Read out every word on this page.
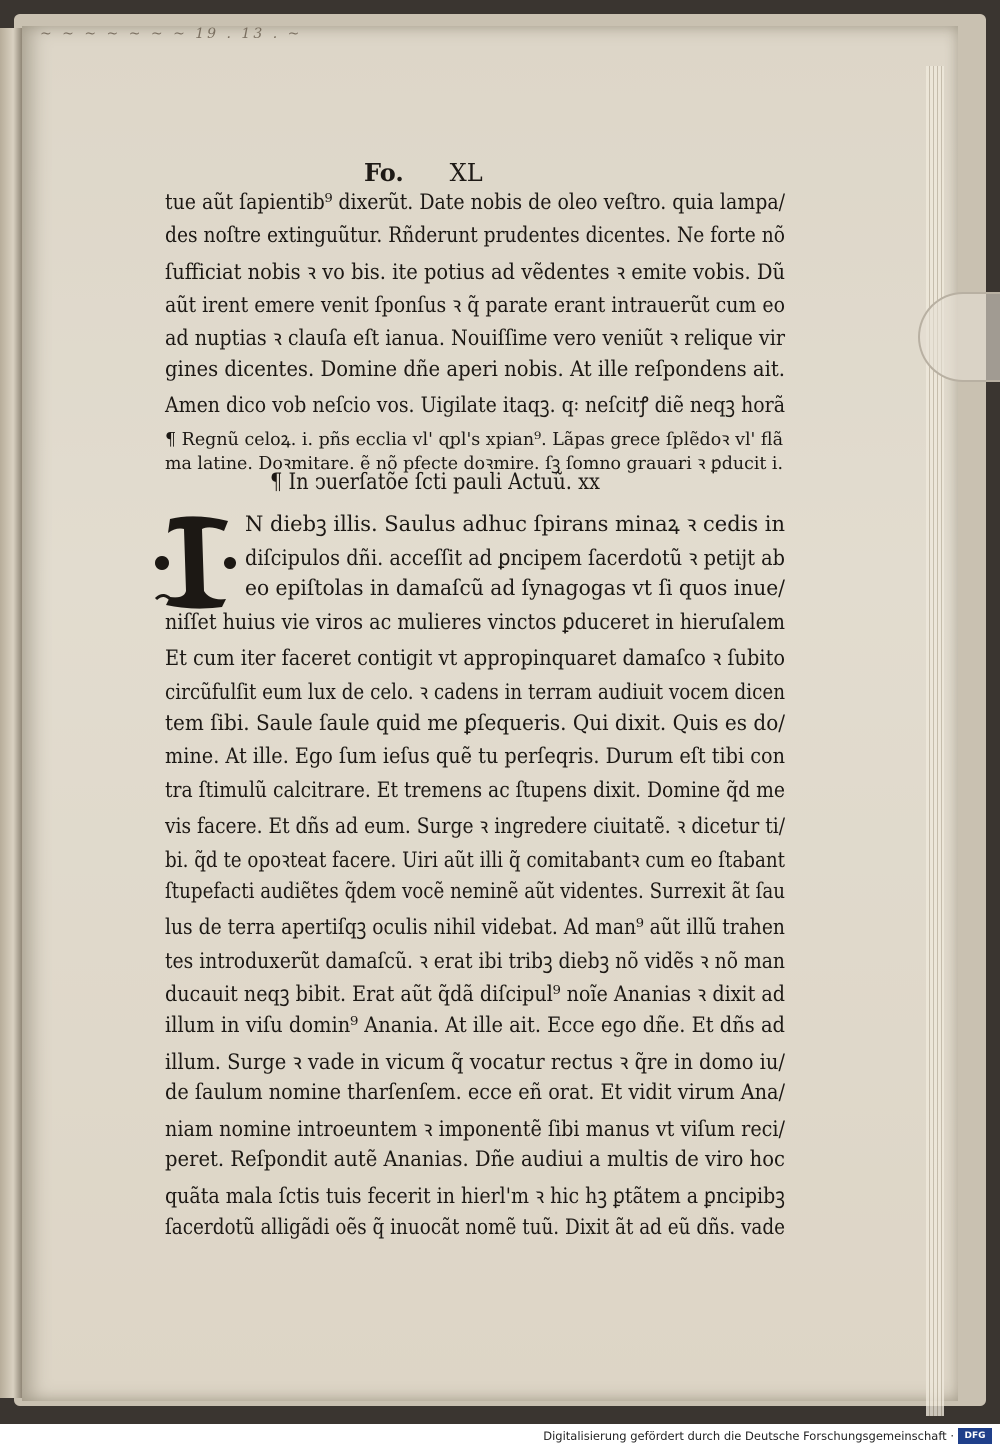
~ ~ ~ ~ ~ ~ ~ 19 . 13 . ~
Fo. XL
I
tue aũt ſapientib⁹ dixerũt. Date nobis de oleo veſtro. quia lampa/
des noſtre extinguũtur. Rñderunt prudentes dicentes. Ne forte nõ
ſufficiat nobis ꝛ vo bis. ite potius ad vẽdentes ꝛ emite vobis. Dũ
aũt irent emere venit ſponſus ꝛ q̃ parate erant intrauerũt cum eo
ad nuptias ꝛ clauſa eſt ianua. Nouiſſime vero veniũt ꝛ relique vir
gines dicentes. Domine dñe aperi nobis. At ille reſpondens ait.
Amen dico vob neſcio vos. Uigilate itaqꝫ. q꞉ neſcitꝭ diẽ neqꝫ horã
¶ Regnũ celoꝝ. i. pñs ecclia vl' ɋpl's xpian⁹. Lãpas grece ſplẽdoꝛ vl' flã
ma latine. Doꝛmitare. ẽ nõ pfecte doꝛmire. ſꝫ ſomno grauari ꝛ ꝑducit i.
¶ In ↄuerſatõe ſcti pauli Actuũ. xx
N diebꝫ illis. Saulus adhuc ſpirans minaꝝ ꝛ cedis in
diſcipulos dñi. acceſſit ad ꝑncipem ſacerdotũ ꝛ petijt ab
eo epiſtolas in damaſcũ ad ſynagogas vt ſi quos inue/
niſſet huius vie viros ac mulieres vinctos ꝑduceret in hieruſalem
Et cum iter faceret contigit vt appropinquaret damaſco ꝛ ſubito
circũfulſit eum lux de celo. ꝛ cadens in terram audiuit vocem dicen
tem ſibi. Saule ſaule quid me ꝑſequeris. Qui dixit. Quis es do/
mine. At ille. Ego ſum ieſus quẽ tu perſeqris. Durum eſt tibi con
tra ſtimulũ calcitrare. Et tremens ac ſtupens dixit. Domine q̃d me
vis facere. Et dñs ad eum. Surge ꝛ ingredere ciuitatẽ. ꝛ dicetur ti/
bi. q̃d te opoꝛteat facere. Uiri aũt illi q̃ comitabantꝛ cum eo ſtabant
ſtupefacti audiẽtes q̃dem vocẽ neminẽ aũt videntes. Surrexit ãt ſau
lus de terra apertiſqꝫ oculis nihil videbat. Ad man⁹ aũt illũ trahen
tes introduxerũt damaſcũ. ꝛ erat ibi tribꝫ diebꝫ nõ vidẽs ꝛ nõ man
ducauit neqꝫ bibit. Erat aũt q̃dã diſcipul⁹ noĩe Ananias ꝛ dixit ad
illum in viſu domin⁹ Anania. At ille ait. Ecce ego dñe. Et dñs ad
illum. Surge ꝛ vade in vicum q̃ vocatur rectus ꝛ q̃re in domo iu/
de ſaulum nomine tharſenſem. ecce eñ orat. Et vidit virum Ana/
niam nomine introeuntem ꝛ imponentẽ ſibi manus vt viſum reci/
peret. Reſpondit autẽ Ananias. Dñe audiui a multis de viro hoc
quãta mala ſctis tuis fecerit in hierl'm ꝛ hic hꝫ ꝑtãtem a ꝑncipibꝫ
ſacerdotũ alligãdi oẽs q̃ inuocãt nomẽ tuũ. Dixit ãt ad eũ dñs. vade
Digitalisierung gefördert durch die Deutsche Forschungsgemeinschaft ·	DFG
